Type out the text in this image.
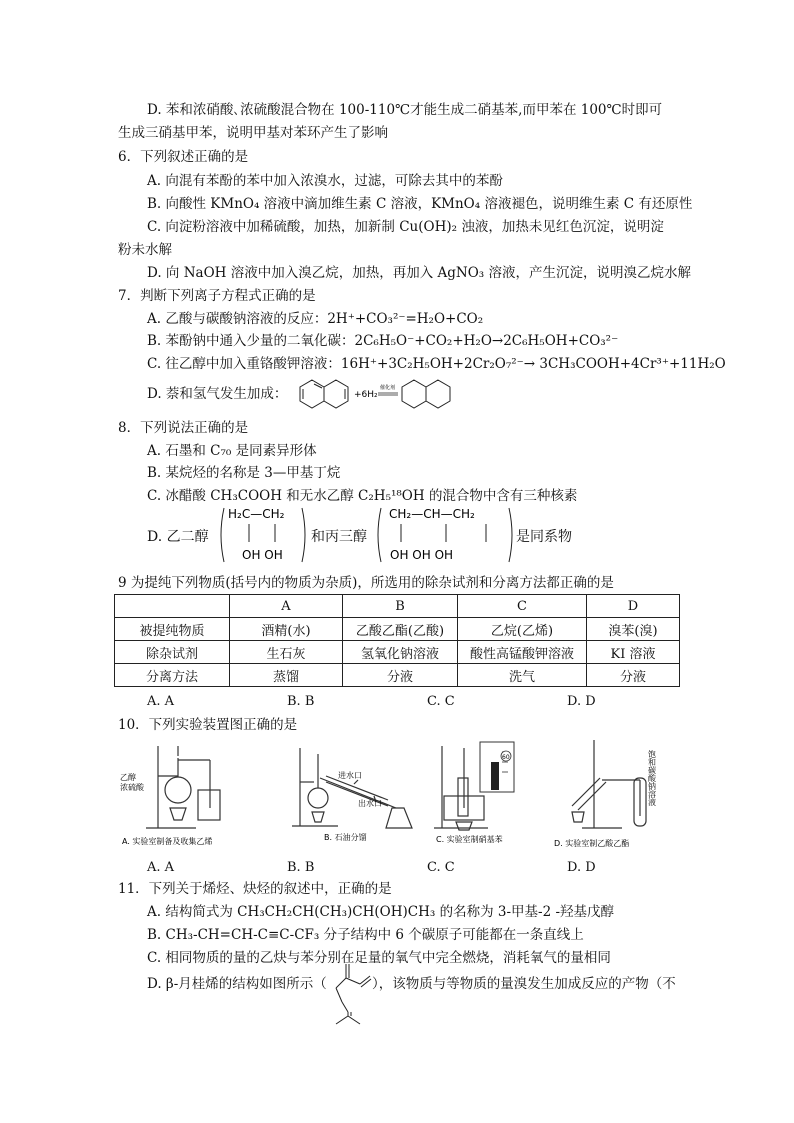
D. 苯和浓硝酸､浓硫酸混合物在 100-110℃才能生成二硝基苯,而甲苯在 100℃时即可
生成三硝基甲苯，说明甲基对苯环产生了影响
6．下列叙述正确的是
A. 向混有苯酚的苯中加入浓溴水，过滤，可除去其中的苯酚
B. 向酸性 KMnO₄ 溶液中滴加维生素 C 溶液，KMnO₄ 溶液褪色，说明维生素 C 有还原性
C. 向淀粉溶液中加稀硫酸，加热，加新制 Cu(OH)₂ 浊液，加热未见红色沉淀，说明淀
粉未水解
D. 向 NaOH 溶液中加入溴乙烷，加热，再加入 AgNO₃ 溶液，产生沉淀，说明溴乙烷水解
7．判断下列离子方程式正确的是
A. 乙酸与碳酸钠溶液的反应：2H⁺+CO₃²⁻=H₂O+CO₂
B. 苯酚钠中通入少量的二氧化碳：2C₆H₅O⁻+CO₂+H₂O→2C₆H₅OH+CO₃²⁻
C. 往乙醇中加入重铬酸钾溶液：16H⁺+3C₂H₅OH+2Cr₂O₇²⁻→ 3CH₃COOH+4Cr³⁺+11H₂O
D. 萘和氢气发生加成：	+6H₂
催化剂
8．下列说法正确的是
A. 石墨和 C₇₀ 是同素异形体
B. 某烷烃的名称是 3—甲基丁烷
C. 冰醋酸 CH₃COOH 和无水乙醇 C₂H₅¹⁸OH 的混合物中含有三种核素
D. 乙二醇
H₂C—CH₂
OH OH
和丙三醇
CH₂—CH—CH₂
OH OH OH
是同系物
9 为提纯下列物质(括号内的物质为杂质)，所选用的除杂试剂和分离方法都正确的是
	A	B	C	D
被提纯物质	酒精(水)	乙酸乙酯(乙酸)	乙烷(乙烯)	溴苯(溴)
除杂试剂	生石灰	氢氧化钠溶液	酸性高锰酸钾溶液	KI 溶液
分离方法	蒸馏	分液	洗气	分液
A. A	B. B	C. C	D. D
10．下列实验装置图正确的是
乙醇
浓硫酸
A. 实验室制备及收集乙烯
A. A
进水口
出水口
B. 石油分馏
B. B
60
C. 实验室制硝基苯
C. C
饱和碳酸钠溶液
D. 实验室制乙酸乙酯
D. D
11．下列关于烯烃、炔烃的叙述中，正确的是
A. 结构简式为 CH₃CH₂CH(CH₃)CH(OH)CH₃ 的名称为 3-甲基-2 -羟基戊醇
B. CH₃-CH=CH-C≡C-CF₃ 分子结构中 6 个碳原子可能都在一条直线上
C. 相同物质的量的乙炔与苯分别在足量的氧气中完全燃烧，消耗氧气的量相同
D. β-月桂烯的结构如图所示（	），该物质与等物质的量溴发生加成反应的产物（不
